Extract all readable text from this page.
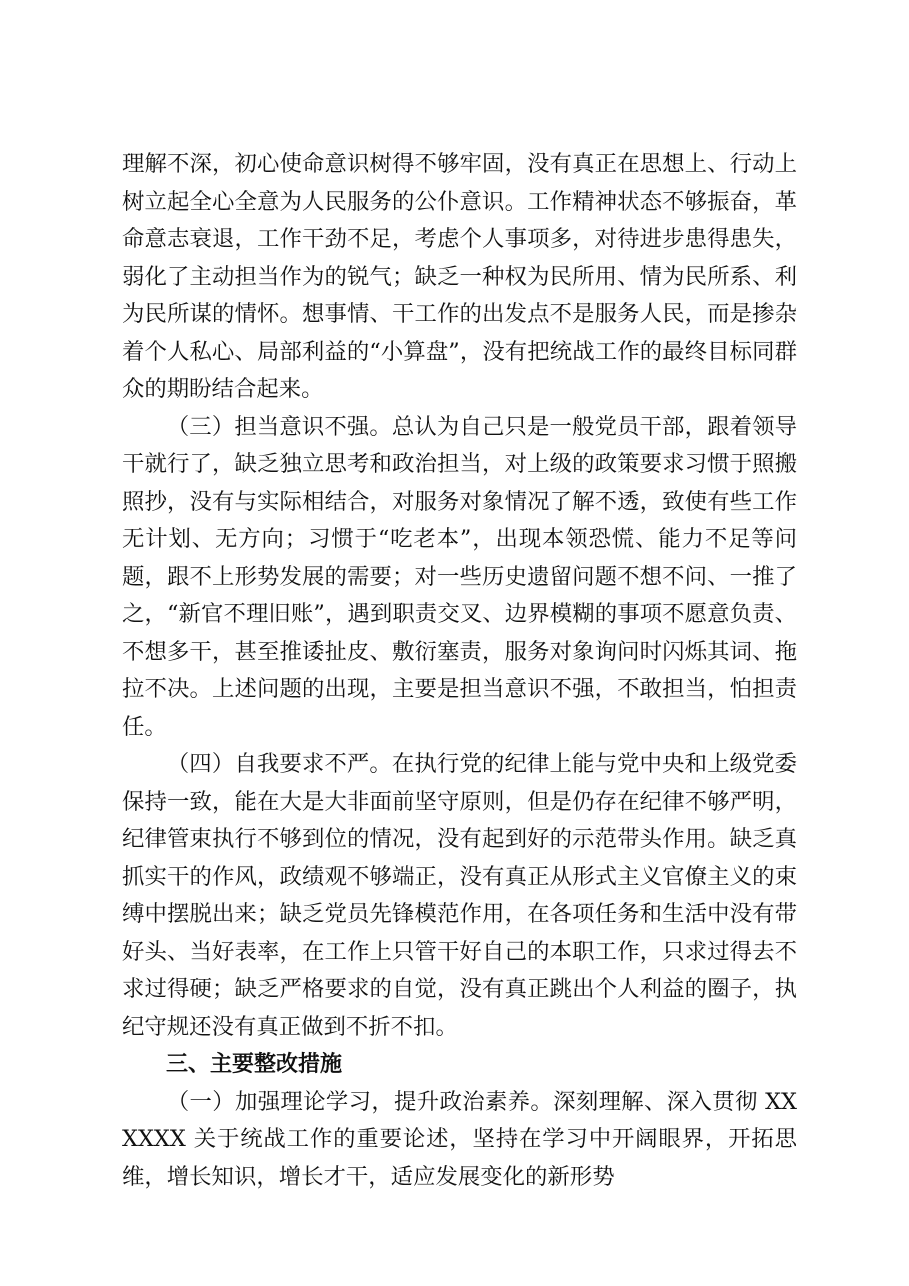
理解不深，初心使命意识树得不够牢固，没有真正在思想上、行动上树立起全心全意为人民服务的公仆意识。工作精神状态不够振奋，革命意志衰退，工作干劲不足，考虑个人事项多，对待进步患得患失，弱化了主动担当作为的锐气；缺乏一种权为民所用、情为民所系、利为民所谋的情怀。想事情、干工作的出发点不是服务人民，而是掺杂着个人私心、局部利益的“小算盘”，没有把统战工作的最终目标同群众的期盼结合起来。

（三）担当意识不强。总认为自己只是一般党员干部，跟着领导干就行了，缺乏独立思考和政治担当，对上级的政策要求习惯于照搬照抄，没有与实际相结合，对服务对象情况了解不透，致使有些工作无计划、无方向；习惯于“吃老本”，出现本领恐慌、能力不足等问题，跟不上形势发展的需要；对一些历史遗留问题不想不问、一推了之，“新官不理旧账”，遇到职责交叉、边界模糊的事项不愿意负责、不想多干，甚至推诿扯皮、敷衍塞责，服务对象询问时闪烁其词、拖拉不决。上述问题的出现，主要是担当意识不强，不敢担当，怕担责任。

（四）自我要求不严。在执行党的纪律上能与党中央和上级党委保持一致，能在大是大非面前坚守原则，但是仍存在纪律不够严明，纪律管束执行不够到位的情况，没有起到好的示范带头作用。缺乏真抓实干的作风，政绩观不够端正，没有真正从形式主义官僚主义的束缚中摆脱出来；缺乏党员先锋模范作用，在各项任务和生活中没有带好头、当好表率，在工作上只管干好自己的本职工作，只求过得去不求过得硬；缺乏严格要求的自觉，没有真正跳出个人利益的圈子，执纪守规还没有真正做到不折不扣。

三、主要整改措施

（一）加强理论学习，提升政治素养。深刻理解、深入贯彻 XXXXXX 关于统战工作的重要论述，坚持在学习中开阔眼界，开拓思维，增长知识，增长才干，适应发展变化的新形势
